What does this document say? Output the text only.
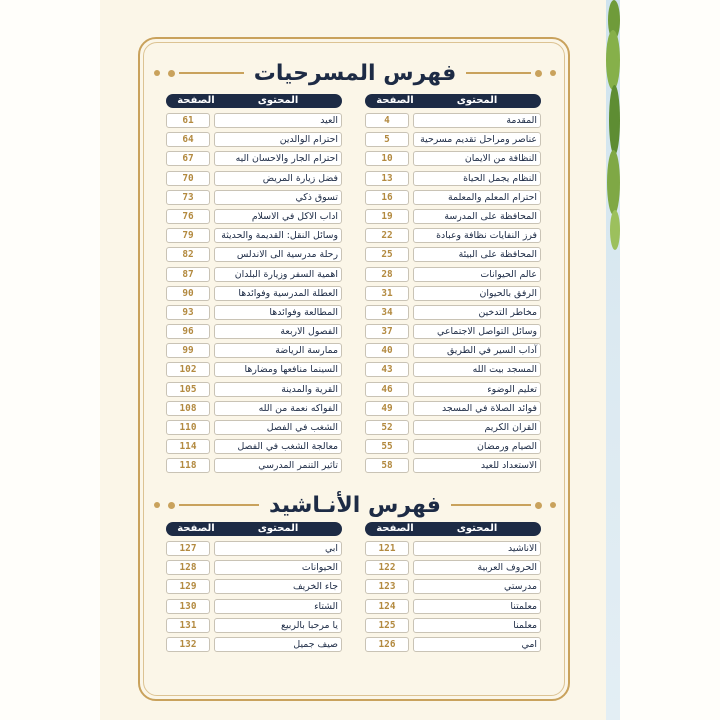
فهرس المسرحيات
المحتوى
الصفحة
المقدمة
4
عناصر ومراحل تقديم مسرحية
5
النظافة من الايمان
10
النظام يجمل الحياة
13
احترام المعلم والمعلمة
16
المحافظة على المدرسة
19
فرز النفايات نظافة وعبادة
22
المحافظة على البيئة
25
عالم الحيوانات
28
الرفق بالحيوان
31
مخاطر التدخين
34
وسائل التواصل الاجتماعي
37
آداب السير في الطريق
40
المسجد بيت الله
43
تعليم الوضوء
46
فوائد الصلاة في المسجد
49
القران الكريم
52
الصيام ورمضان
55
الاستعداد للعيد
58
المحتوى
الصفحة
العيد
61
احترام الوالدين
64
احترام الجار والاحسان اليه
67
فضل زيارة المريض
70
تسوق ذكي
73
اداب الاكل في الاسلام
76
وسائل النقل: القديمة والحديثة
79
رحلة مدرسية الى الاندلس
82
اهمية السفر وزيارة البلدان
87
العطلة المدرسية وفوائدها
90
المطالعة وفوائدها
93
الفصول الاربعة
96
ممارسة الرياضة
99
السينما منافعها ومضارها
102
القرية والمدينة
105
الفواكه نعمة من الله
108
الشغب في الفصل
110
معالجة الشغب في الفصل
114
تاثير التنمر المدرسي
118
فهرس الأنـاشيد
المحتوى
الصفحة
الاناشيد
121
الحروف العربية
122
مدرستي
123
معلمتنا
124
معلمنا
125
امي
126
المحتوى
الصفحة
ابي
127
الحيوانات
128
جاء الخريف
129
الشتاء
130
يا مرحبا بالربيع
131
صيف جميل
132
